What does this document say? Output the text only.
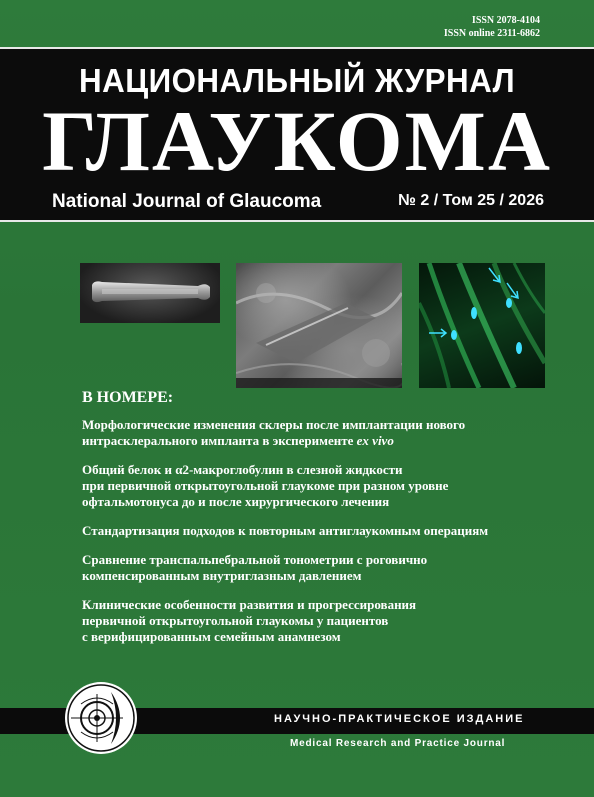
ISSN 2078-4104
ISSN online 2311-6862
НАЦИОНАЛЬНЫЙ ЖУРНАЛ
ГЛАУКОМА
National Journal of Glaucoma	№ 2 / Том 25 / 2026
В НОМЕРЕ:
Морфологические изменения склеры после имплантации нового
интрасклерального импланта в эксперименте ex vivo
Общий белок и α2-макроглобулин в слезной жидкости
при первичной открытоугольной глаукоме при разном уровне
офтальмотонуса до и после хирургического лечения
Стандартизация подходов к повторным антиглаукомным операциям
Сравнение транспальпебральной тонометрии с роговично
компенсированным внутриглазным давлением
Клинические особенности развития и прогрессирования
первичной открытоугольной глаукомы у пациентов
с верифицированным семейным анамнезом
НАУЧНО-ПРАКТИЧЕСКОЕ ИЗДАНИЕ
Medical Research and Practice Journal
